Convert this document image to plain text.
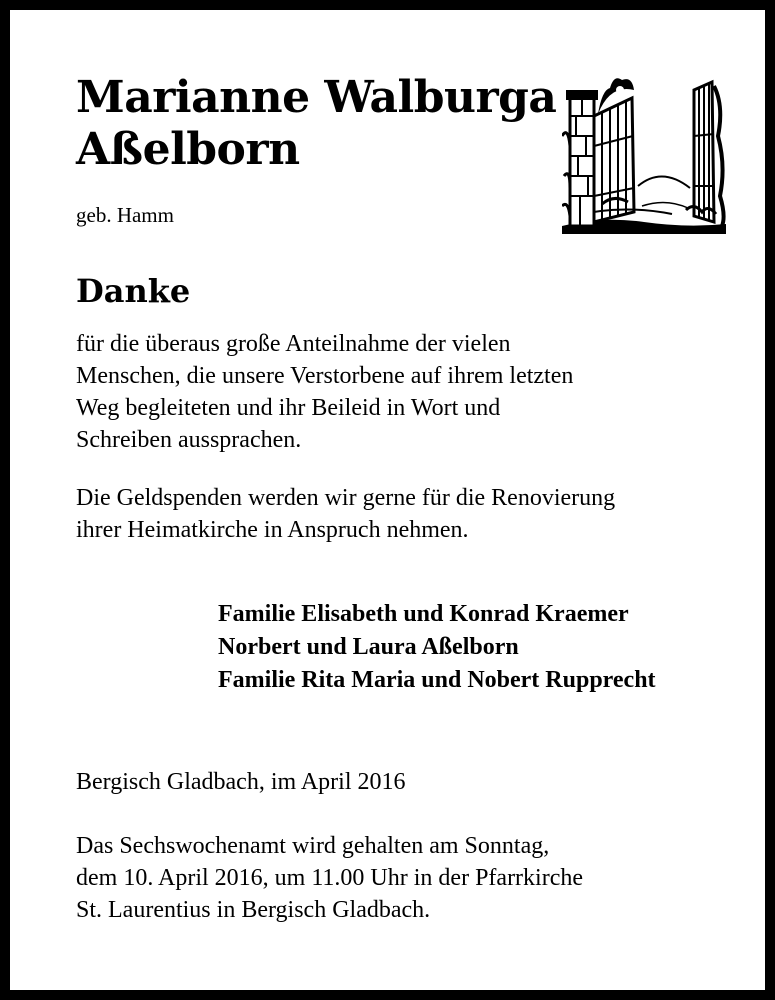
Marianne Walburga
Aßelborn
geb. Hamm
Danke

für die überaus große Anteilnahme der vielen
Menschen, die unsere Verstorbene auf ihrem letzten
Weg begleiteten und ihr Beileid in Wort und
Schreiben aussprachen.

Die Geldspenden werden wir gerne für die Renovierung
ihrer Heimatkirche in Anspruch nehmen.

Familie Elisabeth und Konrad Kraemer
Norbert und Laura Aßelborn
Familie Rita Maria und Nobert Rupprecht

Bergisch Gladbach, im April 2016

Das Sechswochenamt wird gehalten am Sonntag,
dem 10. April 2016, um 11.00 Uhr in der Pfarrkirche
St. Laurentius in Bergisch Gladbach.
